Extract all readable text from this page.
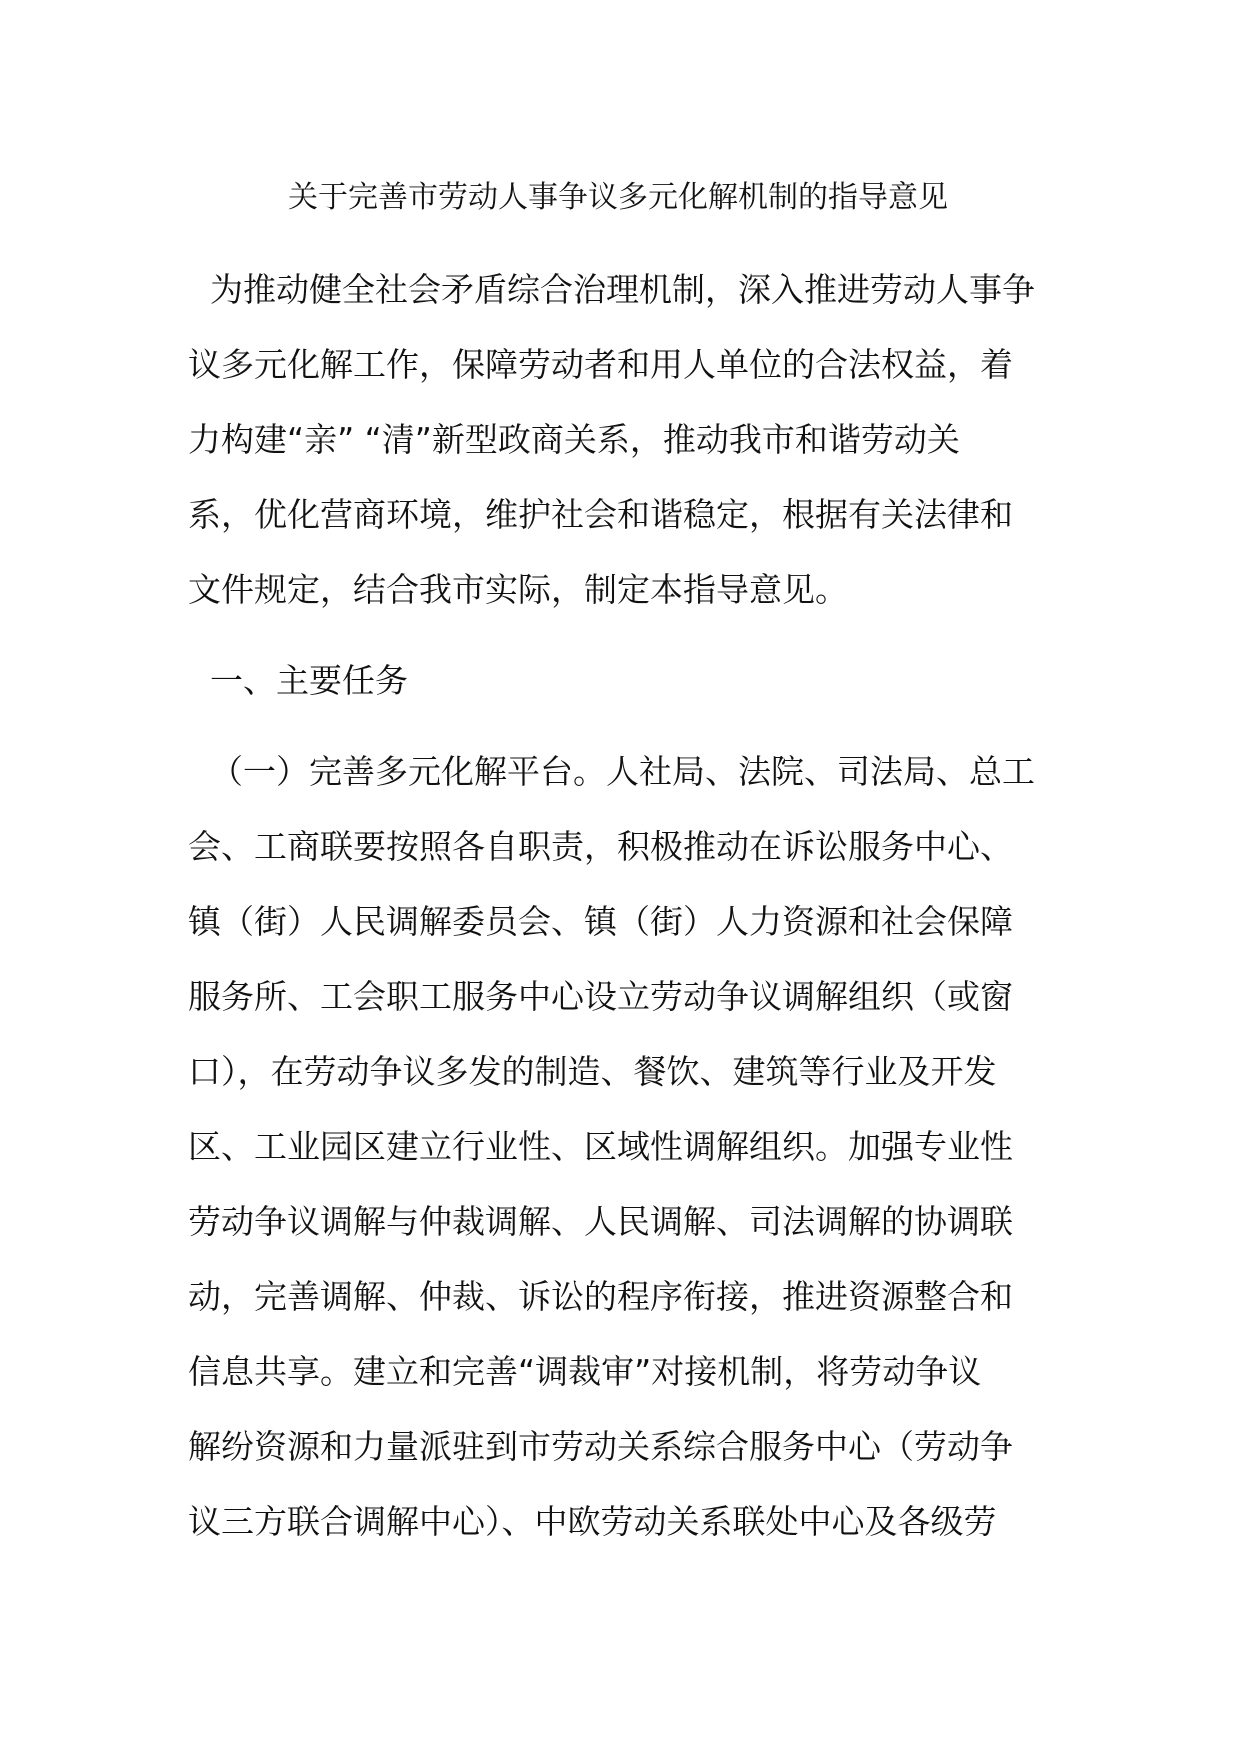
关于完善市劳动人事争议多元化解机制的指导意见

为推动健全社会矛盾综合治理机制，深入推进劳动人事争

议多元化解工作，保障劳动者和用人单位的合法权益，着

力构建“亲” “清”新型政商关系，推动我市和谐劳动关

系，优化营商环境，维护社会和谐稳定，根据有关法律和

文件规定，结合我市实际，制定本指导意见。

一、主要任务

（一）完善多元化解平台。人社局、法院、司法局、总工

会、工商联要按照各自职责，积极推动在诉讼服务中心、

镇（街）人民调解委员会、镇（街）人力资源和社会保障

服务所、工会职工服务中心设立劳动争议调解组织（或窗

口），在劳动争议多发的制造、餐饮、建筑等行业及开发

区、工业园区建立行业性、区域性调解组织。加强专业性

劳动争议调解与仲裁调解、人民调解、司法调解的协调联

动，完善调解、仲裁、诉讼的程序衔接，推进资源整合和

信息共享。建立和完善“调裁审”对接机制，将劳动争议

解纷资源和力量派驻到市劳动关系综合服务中心（劳动争

议三方联合调解中心）、中欧劳动关系联处中心及各级劳
